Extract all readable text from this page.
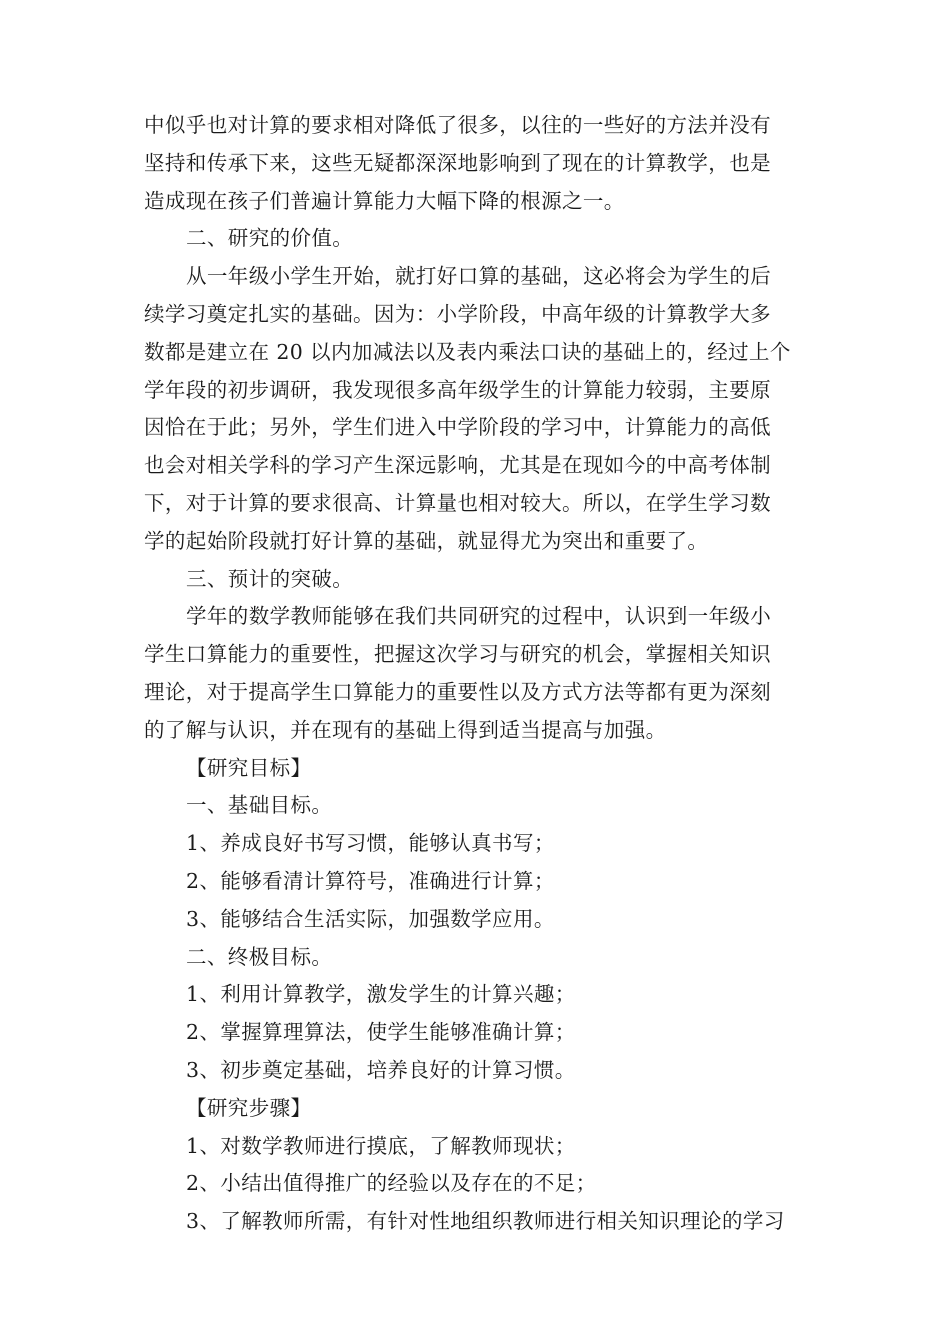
中似乎也对计算的要求相对降低了很多，以往的一些好的方法并没有

坚持和传承下来，这些无疑都深深地影响到了现在的计算教学，也是

造成现在孩子们普遍计算能力大幅下降的根源之一。

二、研究的价值。

从一年级小学生开始，就打好口算的基础，这必将会为学生的后

续学习奠定扎实的基础。因为：小学阶段，中高年级的计算教学大多

数都是建立在 20 以内加减法以及表内乘法口诀的基础上的，经过上个

学年段的初步调研，我发现很多高年级学生的计算能力较弱，主要原

因恰在于此；另外，学生们进入中学阶段的学习中，计算能力的高低

也会对相关学科的学习产生深远影响，尤其是在现如今的中高考体制

下，对于计算的要求很高、计算量也相对较大。所以，在学生学习数

学的起始阶段就打好计算的基础，就显得尤为突出和重要了。

三、预计的突破。

学年的数学教师能够在我们共同研究的过程中，认识到一年级小

学生口算能力的重要性，把握这次学习与研究的机会，掌握相关知识

理论，对于提高学生口算能力的重要性以及方式方法等都有更为深刻

的了解与认识，并在现有的基础上得到适当提高与加强。

【研究目标】

一、基础目标。

1、养成良好书写习惯，能够认真书写；

2、能够看清计算符号，准确进行计算；

3、能够结合生活实际，加强数学应用。

二、终极目标。

1、利用计算教学，激发学生的计算兴趣；

2、掌握算理算法，使学生能够准确计算；

3、初步奠定基础，培养良好的计算习惯。

【研究步骤】

1、对数学教师进行摸底，了解教师现状；

2、小结出值得推广的经验以及存在的不足；

3、了解教师所需，有针对性地组织教师进行相关知识理论的学习
